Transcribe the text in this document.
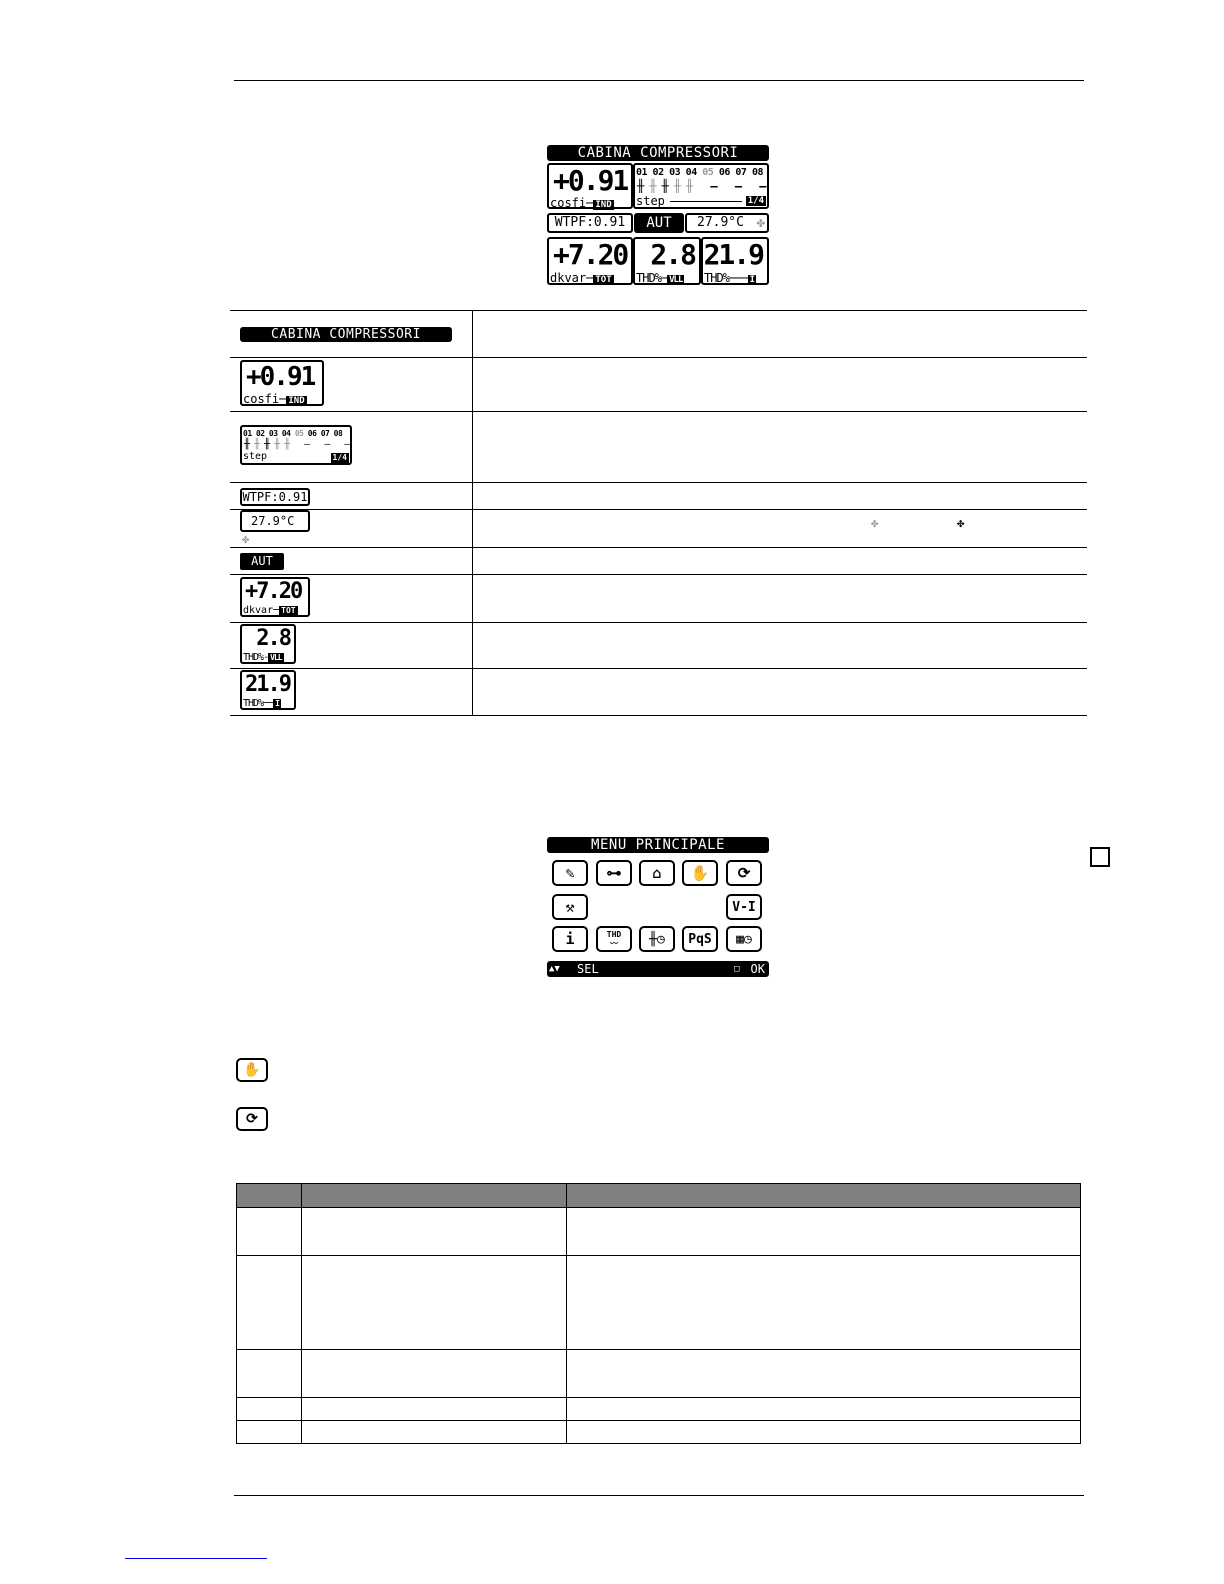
CABINA COMPRESSORI
+0.91
cosfi─ IND
01 02 03 04 05 06 07 08
╫╫╫╫╫ – – –
step	1/4
WTPF:0.91	AUT	27.9°C ✤
+7.20
dkvar─ TOT
2.8
THD%─ VLL
21.9
THD%─── I
CABINA COMPRESSORI	

+0.91
cosfi─ IND	

01 02 03 04 05 06 07 08
╫╫╫╫╫ – – –
step 1/4	

WTPF:0.91	
27.9°C ✤	✤ ✤

AUT	

+7.20
dkvar─ TOT	

2.8
THD%- VLL	

21.9
THD%── I	

MENU PRINCIPALE
✎	⊶	⌂	✋	⟳
⚒	V-I
i	THD
〰	╫◷	PqS	▦◷
▲▼ SEL	□ OK
✋
⟳
